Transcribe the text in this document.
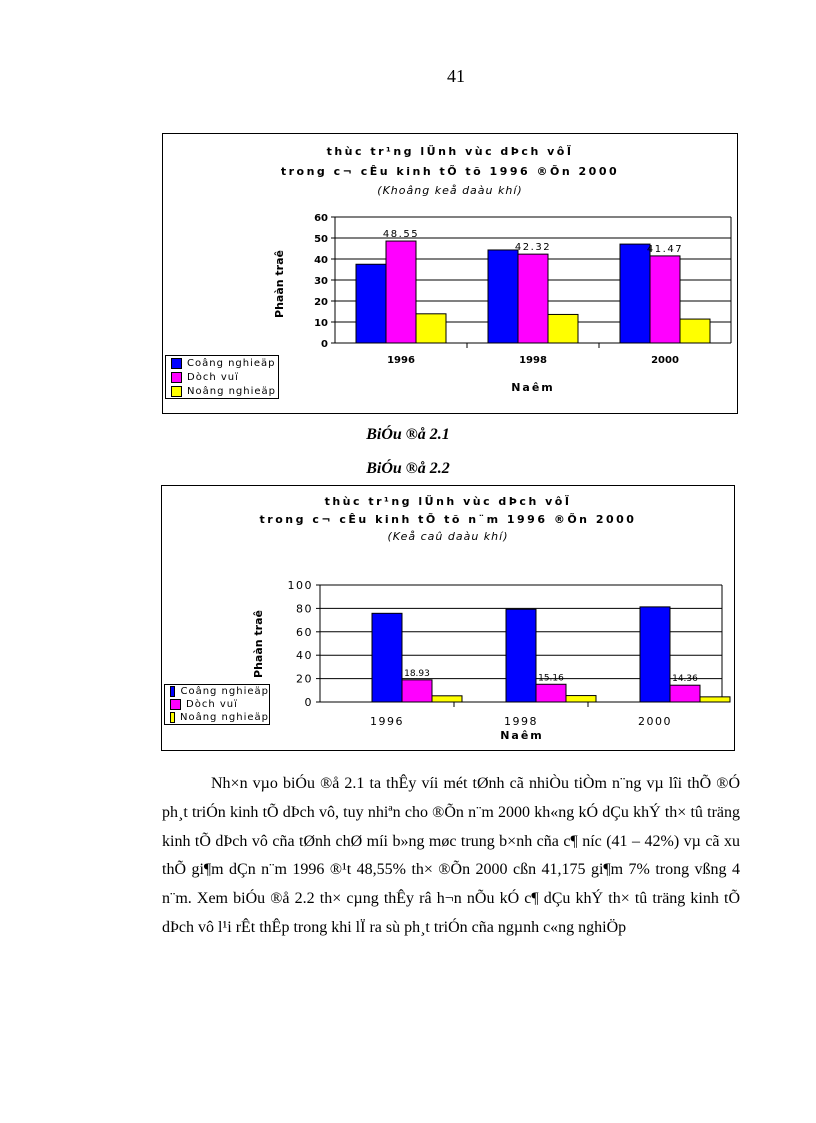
41
thùc tr¹ng lÜnh vùc dÞch vôÏ
trong c¬ cÊu kinh tÕ tõ 1996 ®Õn 2000
(Khoâng keå daàu khí)
0
10
20
30
40
50
60
48.55
42.32	41.47
1996	1998	2000
Naêm
Phaàn traê
Coâng nghieäp
Dòch vuï
Noâng nghieäp
BiÓu ®å 2.1
BiÓu ®å 2.2
thùc tr¹ng lÜnh vùc dÞch vôÏ
trong c¬ cÊu kinh tÕ tõ n¨m 1996 ®Õn 2000
(Keå caû daàu khí)
0
20
40
60
80
100
18.93	15.16	14.36
1996	1998	2000
Naêm
Phaàn traê
Coâng nghieäp
Dòch vuï
Noâng nghieäp
Nh×n vµo biÓu ®å 2.1 ta thÊy víi mét tØnh cã nhiÒu tiÒm n¨ng vµ lîi thÕ ®Ó ph¸t triÓn kinh tÕ dÞch vô, tuy nhiªn cho ®Õn n¨m 2000 kh«ng kÓ dÇu khÝ th× tû träng kinh tÕ dÞch vô cña tØnh chØ míi b»ng møc trung b×nh cña c¶ níc (41 – 42%) vµ cã xu thÕ gi¶m dÇn n¨m 1996 ®¹t 48,55% th× ®Õn 2000 cßn 41,175 gi¶m 7% trong vßng 4 n¨m. Xem biÓu ®å 2.2 th× cµng thÊy râ h¬n nÕu kÓ c¶ dÇu khÝ th× tû träng kinh tÕ dÞch vô l¹i rÊt thÊp trong khi lÏ ra sù ph¸t triÓn cña ngµnh c«ng nghiÖp
